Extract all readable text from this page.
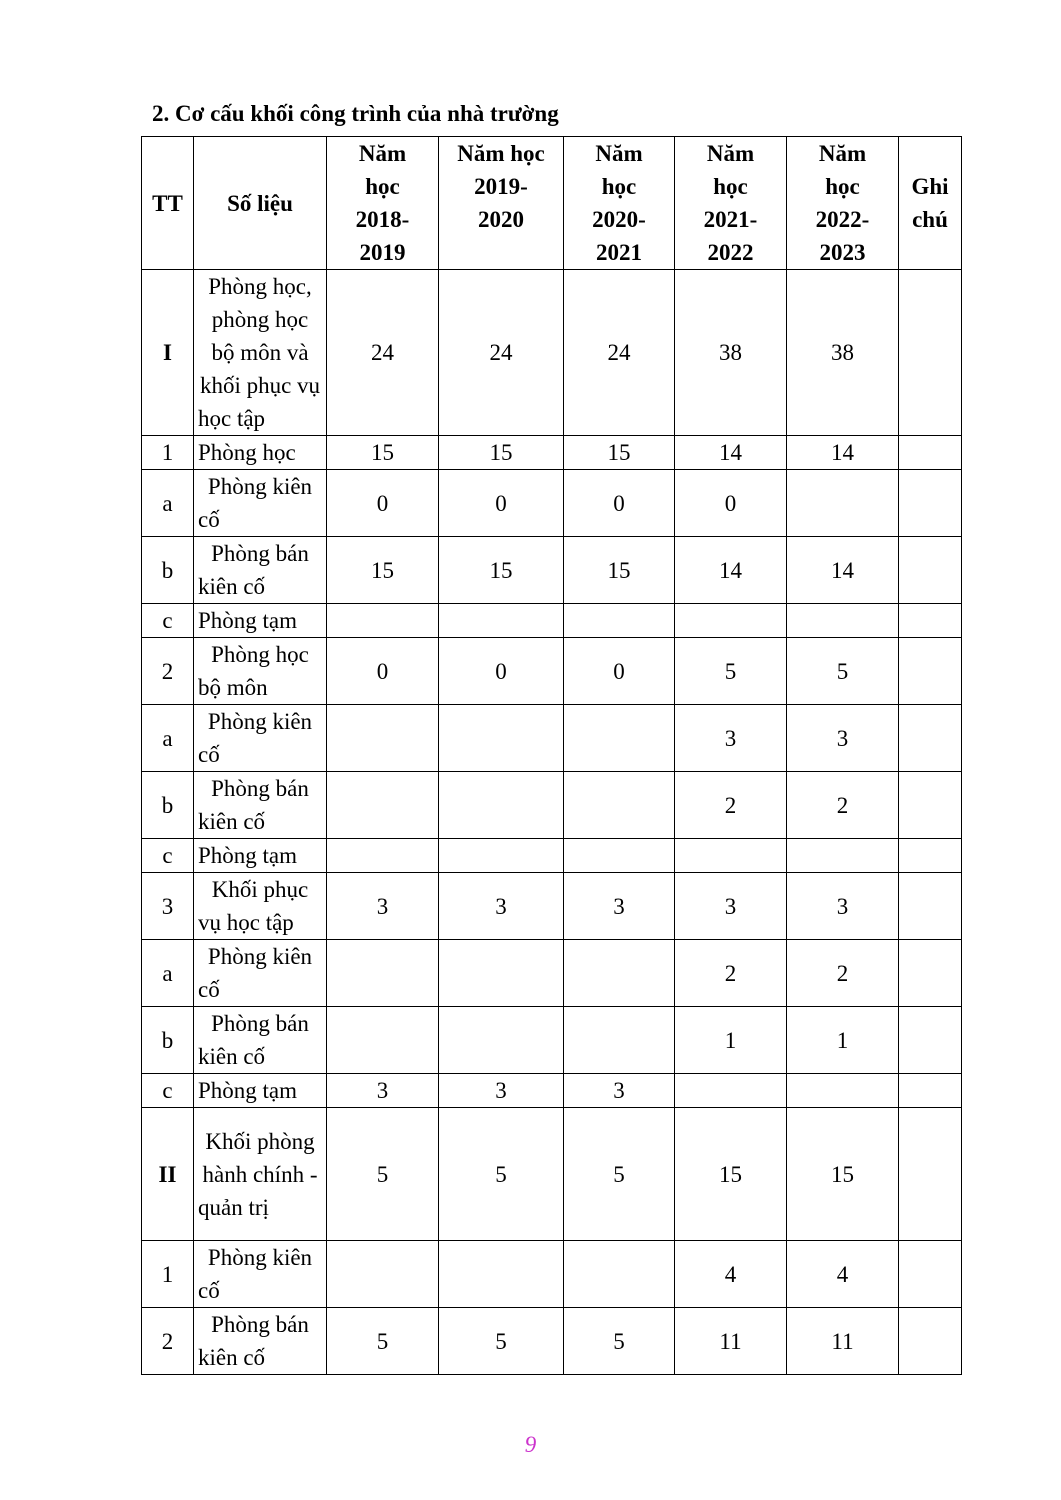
2. Cơ cấu khối công trình của nhà trường

TT	Số liệu	Năm
học
2018-
2019	Năm học
2019-
2020	Năm
học
2020-
2021	Năm
học
2021-
2022	Năm
học
2022-
2023	Ghi
chú
I	Phòng học, phòng học bộ môn và khối phục vụ học tập	24	24	24	38	38	
1	Phòng học	15	15	15	14	14	
a	Phòng kiên cố	0	0	0	0		
b	Phòng bán kiên cố	15	15	15	14	14	
c	Phòng tạm						
2	Phòng học bộ môn	0	0	0	5	5	
a	Phòng kiên cố				3	3	
b	Phòng bán kiên cố				2	2	
c	Phòng tạm						
3	Khối phục vụ học tập	3	3	3	3	3	
a	Phòng kiên cố				2	2	
b	Phòng bán kiên cố				1	1	
c	Phòng tạm	3	3	3			
II	Khối phòng hành chính - quản trị	5	5	5	15	15	
1	Phòng kiên cố				4	4	
2	Phòng bán kiên cố	5	5	5	11	11	
9
